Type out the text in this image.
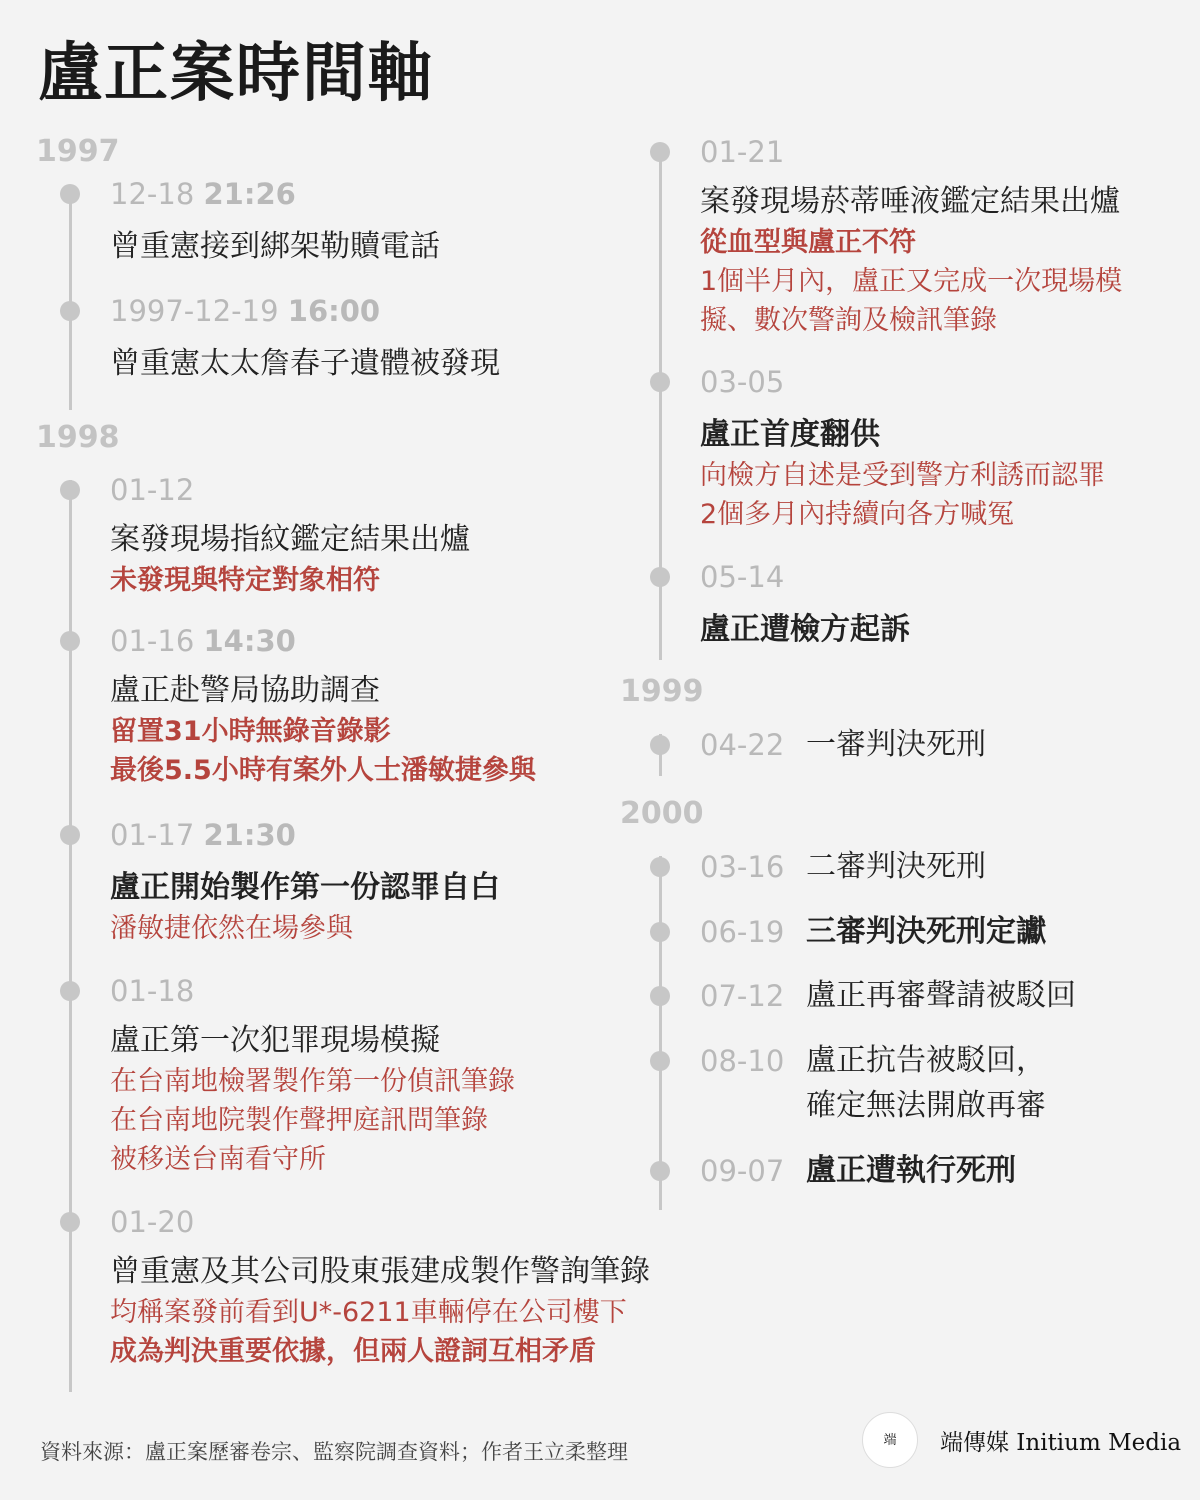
盧正案時間軸
1997
12-18 21:26
曾重憲接到綁架勒贖電話
1997-12-19 16:00
曾重憲太太詹春子遺體被發現
1998
01-12
案發現場指紋鑑定結果出爐
未發現與特定對象相符
01-16 14:30
盧正赴警局協助調查
留置31小時無錄音錄影
最後5.5小時有案外人士潘敏捷參與
01-17 21:30
盧正開始製作第一份認罪自白
潘敏捷依然在場參與
01-18
盧正第一次犯罪現場模擬
在台南地檢署製作第一份偵訊筆錄
在台南地院製作聲押庭訊問筆錄
被移送台南看守所
01-20
曾重憲及其公司股東張建成製作警詢筆錄
均稱案發前看到U*-6211車輛停在公司樓下
成為判決重要依據，但兩人證詞互相矛盾
01-21
案發現場菸蒂唾液鑑定結果出爐
從血型與盧正不符
1個半月內，盧正又完成一次現場模
擬、數次警詢及檢訊筆錄
03-05
盧正首度翻供
向檢方自述是受到警方利誘而認罪
2個多月內持續向各方喊冤
05-14
盧正遭檢方起訴
1999
04-22 一審判決死刑
2000
03-16 二審判決死刑
06-19 三審判決死刑定讞
07-12 盧正再審聲請被駁回
08-10 盧正抗告被駁回，
確定無法開啟再審
09-07 盧正遭執行死刑
資料來源：盧正案歷審卷宗、監察院調查資料；作者王立柔整理	端	端傳媒 Initium Media
